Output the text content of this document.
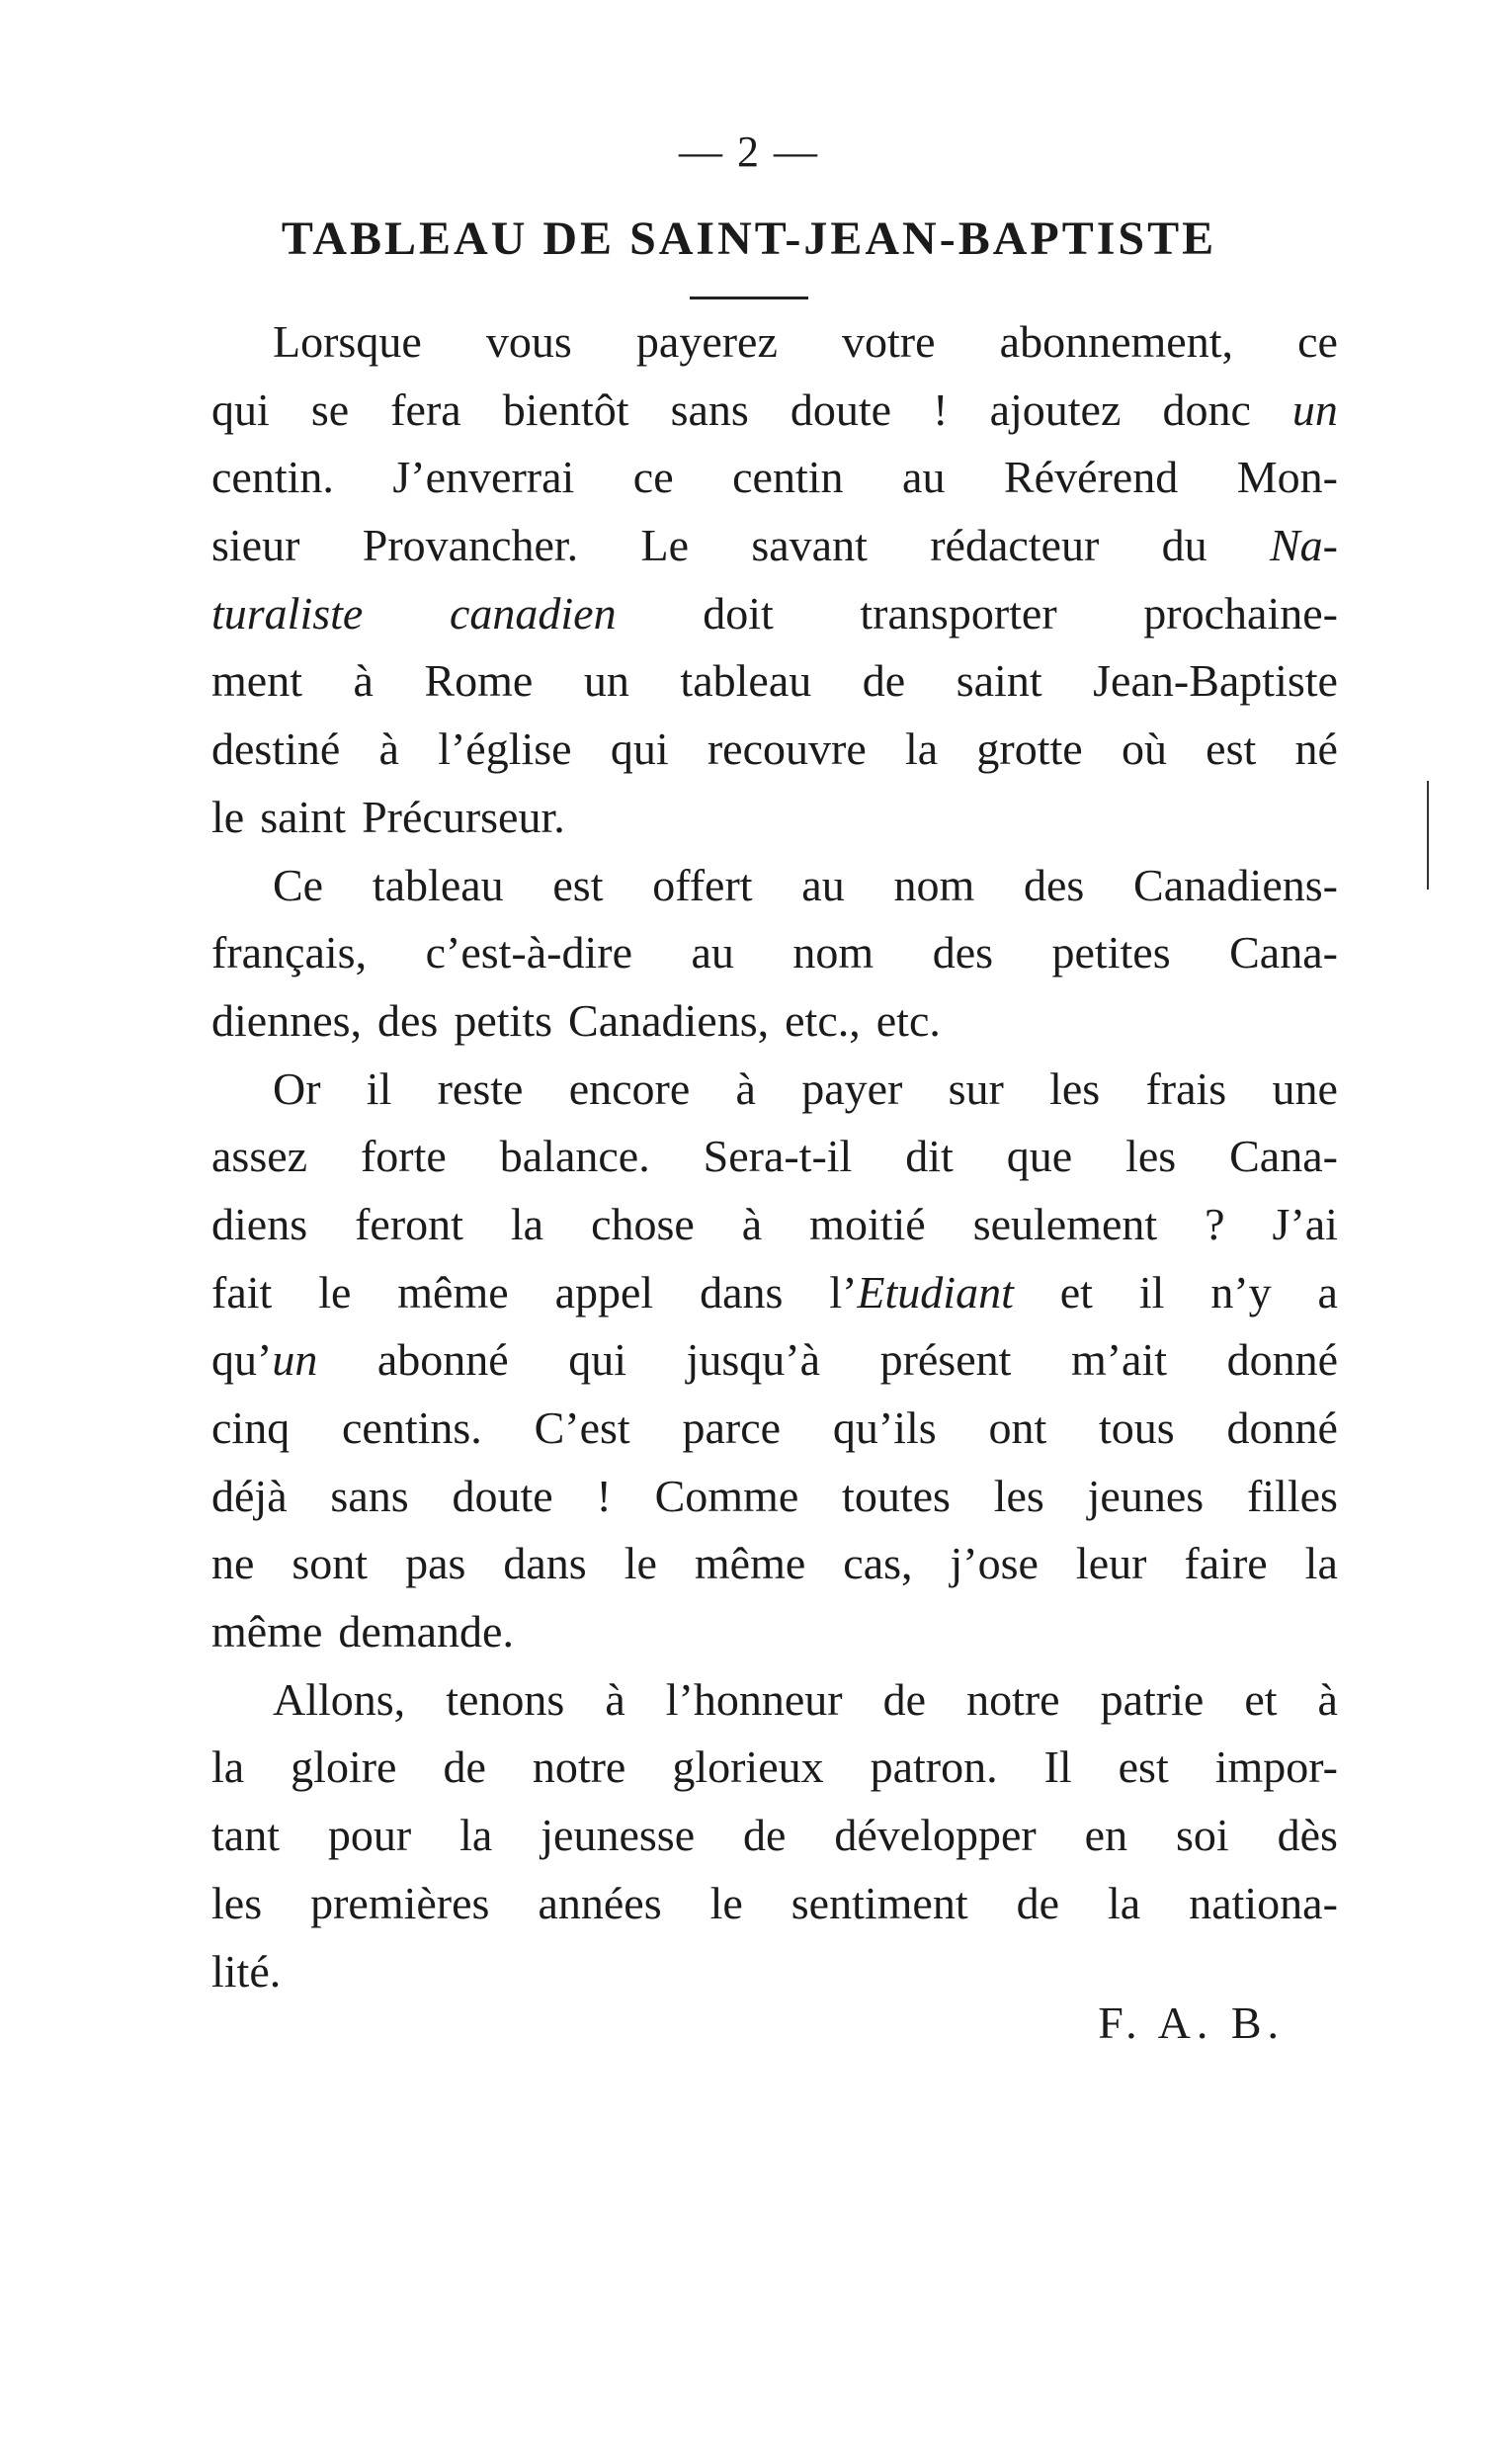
— 2 —
TABLEAU DE SAINT-JEAN-BAPTISTE
Lorsque vous payerez votre abonnement, ce
qui se fera bientôt sans doute ! ajoutez donc un
centin. J’enverrai ce centin au Révérend Mon-
sieur Provancher. Le savant rédacteur du Na-
turaliste canadien doit transporter prochaine-
ment à Rome un tableau de saint Jean-Baptiste
destiné à l’église qui recouvre la grotte où est né
le saint Précurseur.
Ce tableau est offert au nom des Canadiens-
français, c’est-à-dire au nom des petites Cana-
diennes, des petits Canadiens, etc., etc.
Or il reste encore à payer sur les frais une
assez forte balance. Sera-t-il dit que les Cana-
diens feront la chose à moitié seulement ? J’ai
fait le même appel dans l’Etudiant et il n’y a
qu’un abonné qui jusqu’à présent m’ait donné
cinq centins. C’est parce qu’ils ont tous donné
déjà sans doute ! Comme toutes les jeunes filles
ne sont pas dans le même cas, j’ose leur faire la
même demande.
Allons, tenons à l’honneur de notre patrie et à
la gloire de notre glorieux patron. Il est impor-
tant pour la jeunesse de développer en soi dès
les premières années le sentiment de la nationa-
lité.
F. A. B.
